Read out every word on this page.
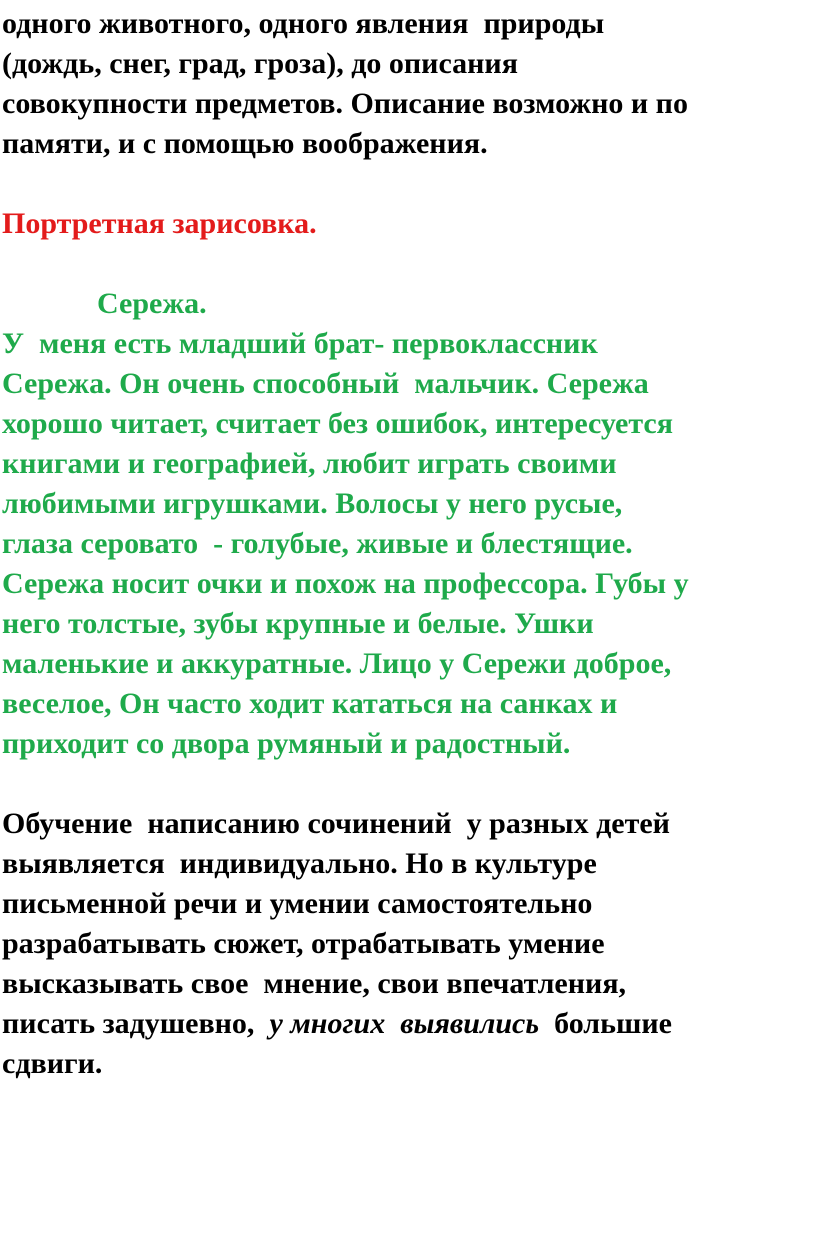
одного животного, одного явления  природы
(дождь, снег, град, гроза), до описания
совокупности предметов. Описание возможно и по
памяти, и с помощью воображения.
Портретная зарисовка.
Сережа.
У  меня есть младший брат- первоклассник
Сережа. Он очень способный  мальчик. Сережа
хорошо читает, считает без ошибок, интересуется
книгами и географией, любит играть своими
любимыми игрушками. Волосы у него русые,
глаза серовато  - голубые, живые и блестящие.
Сережа носит очки и похож на профессора. Губы у
него толстые, зубы крупные и белые. Ушки
маленькие и аккуратные. Лицо у Сережи доброе,
веселое, Он часто ходит кататься на санках и
приходит со двора румяный и радостный.
Обучение  написанию сочинений  у разных детей
выявляется  индивидуально. Но в культуре
письменной речи и умении самостоятельно
разрабатывать сюжет, отрабатывать умение
высказывать свое  мнение, свои впечатления,
писать задушевно,  у многих  выявились  большие
сдвиги.
